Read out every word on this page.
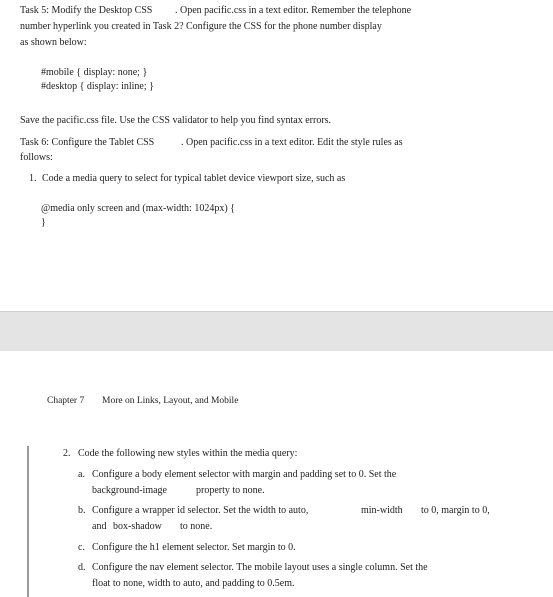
Task 5: Modify the Desktop CSS . Open pacific.css in a text editor. Remember the telephone
number hyperlink you created in Task 2? Configure the CSS for the phone number display
as shown below:
#mobile { display: none; }
#desktop { display: inline; }
Save the pacific.css file. Use the CSS validator to help you find syntax errors.
Task 6: Configure the Tablet CSS	. Open pacific.css in a text editor. Edit the style rules as
follows:
1. Code a media query to select for typical tablet device viewport size, such as
@media only screen and (max-width: 1024px) {
}
Chapter 7 More on Links, Layout, and Mobile
2. Code the following new styles within the media query:
a. Configure a body element selector with margin and padding set to 0. Set the
background-image	property to none.
b. Configure a wrapper id selector. Set the width to auto,	min-width to 0, margin to 0,
and box-shadow to none.
c. Configure the h1 element selector. Set margin to 0.
d. Configure the nav element selector. The mobile layout uses a single column. Set the
float to none, width to auto, and padding to 0.5em.
